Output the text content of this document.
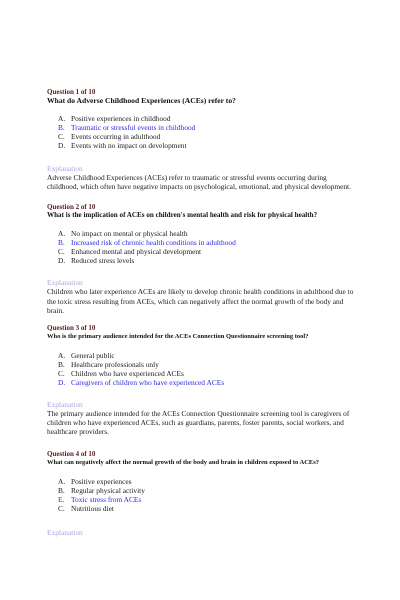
Question 1 of 10
What do Adverse Childhood Experiences (ACEs) refer to?
A. Positive experiences in childhood
B. Traumatic or stressful events in childhood
C. Events occurring in adulthood
D. Events with no impact on development
Explanation
Adverse Childhood Experiences (ACEs) refer to traumatic or stressful events occurring during childhood, which often have negative impacts on psychological, emotional, and physical development.
Question 2 of 10
What is the implication of ACEs on children's mental health and risk for physical health?
A. No impact on mental or physical health
B. Increased risk of chronic health conditions in adulthood
C. Enhanced mental and physical development
D. Reduced stress levels
Explanation
Children who later experience ACEs are likely to develop chronic health conditions in adulthood due to the toxic stress resulting from ACEs, which can negatively affect the normal growth of the body and brain.
Question 3 of 10
Who is the primary audience intended for the ACEs Connection Questionnaire screening tool?
A. General public
B. Healthcare professionals only
C. Children who have experienced ACEs
D. Caregivers of children who have experienced ACEs
Explanation
The primary audience intended for the ACEs Connection Questionnaire screening tool is caregivers of children who have experienced ACEs, such as guardians, parents, foster parents, social workers, and healthcare providers.
Question 4 of 10
What can negatively affect the normal growth of the body and brain in children exposed to ACEs?
A. Positive experiences
B. Regular physical activity
E. Toxic stress from ACEs
C. Nutritious diet
Explanation
